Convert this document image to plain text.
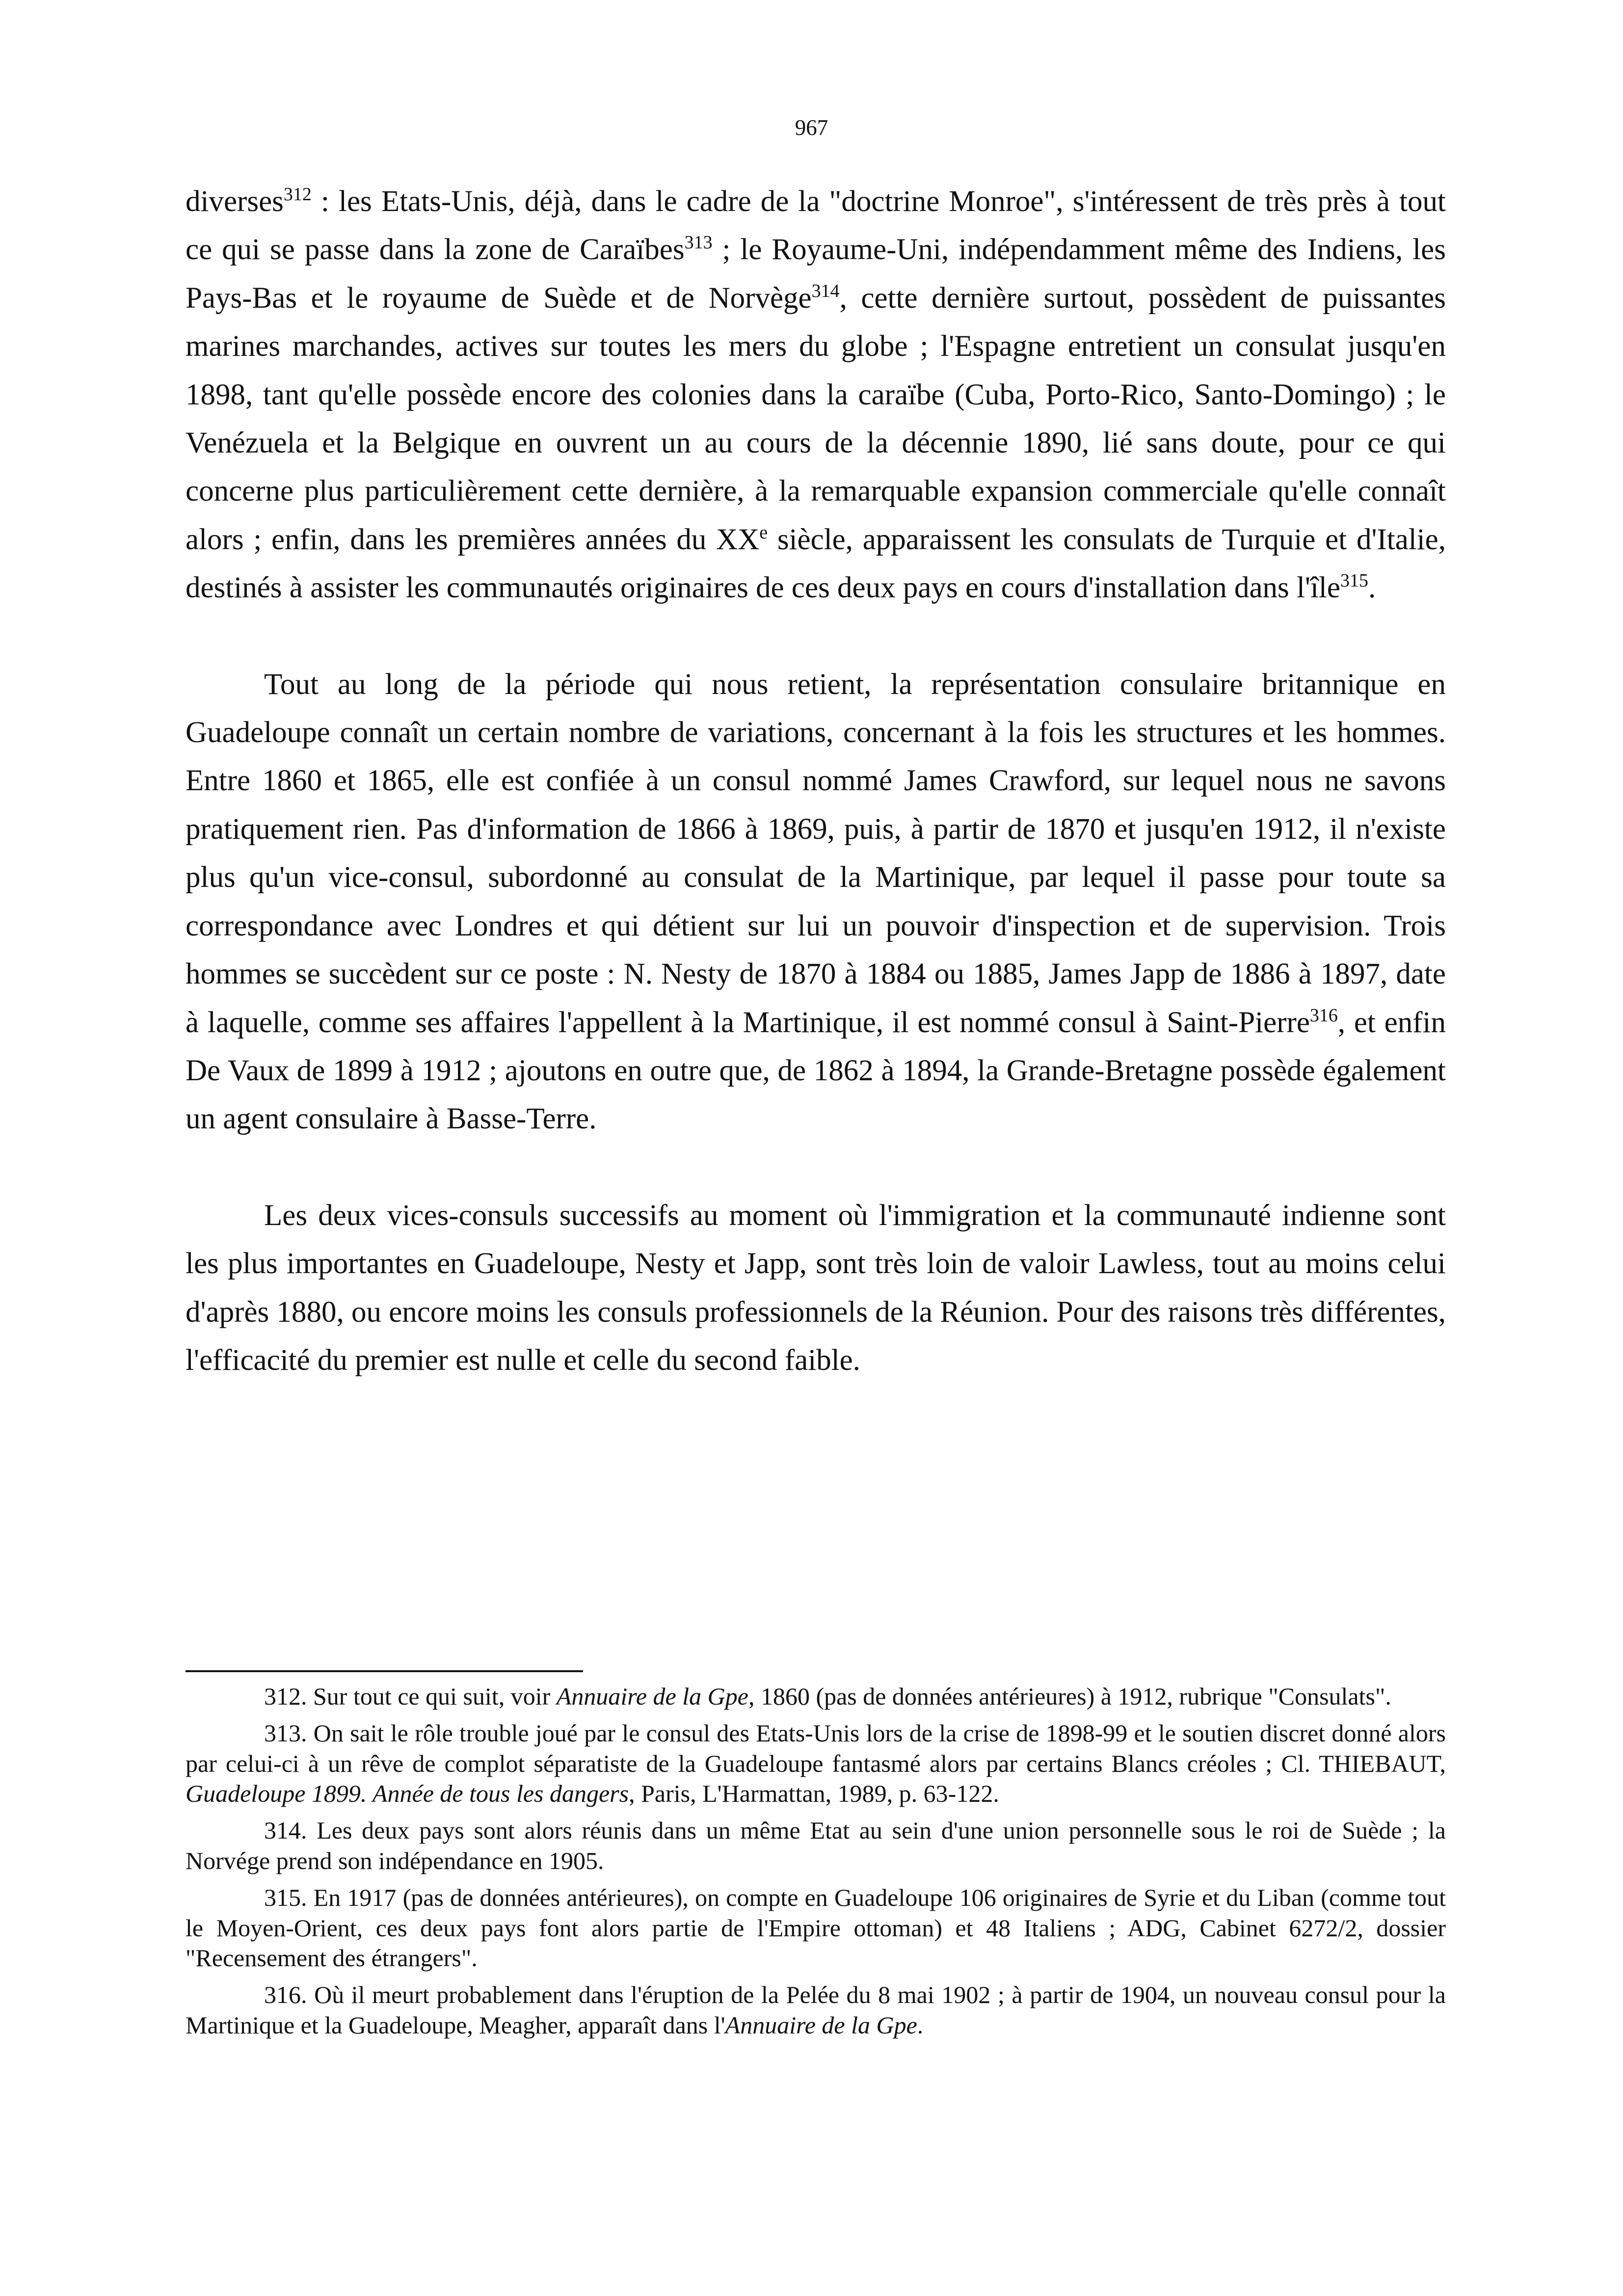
967

diverses$^{312}$ : les Etats-Unis, déjà, dans le cadre de la "doctrine Monroe", s'intéressent de très près à tout ce qui se passe dans la zone de Caraïbes$^{313}$ ; le Royaume-Uni, indépendamment même des Indiens, les Pays-Bas et le royaume de Suède et de Norvège$^{314}$, cette dernière surtout, possèdent de puissantes marines marchandes, actives sur toutes les mers du globe ; l'Espagne entretient un consulat jusqu'en 1898, tant qu'elle possède encore des colonies dans la caraïbe (Cuba, Porto-Rico, Santo-Domingo) ; le Venézuela et la Belgique en ouvrent un au cours de la décennie 1890, lié sans doute, pour ce qui concerne plus particulièrement cette dernière, à la remarquable expansion commerciale qu'elle connaît alors ; enfin, dans les premières années du XXe siècle, apparaissent les consulats de Turquie et d'Italie, destinés à assister les communautés originaires de ces deux pays en cours d'installation dans l'île$^{315}$.

Tout au long de la période qui nous retient, la représentation consulaire britannique en Guadeloupe connaît un certain nombre de variations, concernant à la fois les structures et les hommes. Entre 1860 et 1865, elle est confiée à un consul nommé James Crawford, sur lequel nous ne savons pratiquement rien. Pas d'information de 1866 à 1869, puis, à partir de 1870 et jusqu'en 1912, il n'existe plus qu'un vice-consul, subordonné au consulat de la Martinique, par lequel il passe pour toute sa correspondance avec Londres et qui détient sur lui un pouvoir d'inspection et de supervision. Trois hommes se succèdent sur ce poste : N. Nesty de 1870 à 1884 ou 1885, James Japp de 1886 à 1897, date à laquelle, comme ses affaires l'appellent à la Martinique, il est nommé consul à Saint-Pierre$^{316}$, et enfin De Vaux de 1899 à 1912 ; ajoutons en outre que, de 1862 à 1894, la Grande-Bretagne possède également un agent consulaire à Basse-Terre.

Les deux vices-consuls successifs au moment où l'immigration et la communauté indienne sont les plus importantes en Guadeloupe, Nesty et Japp, sont très loin de valoir Lawless, tout au moins celui d'après 1880, ou encore moins les consuls professionnels de la Réunion. Pour des raisons très différentes, l'efficacité du premier est nulle et celle du second faible.

312. Sur tout ce qui suit, voir Annuaire de la Gpe, 1860 (pas de données antérieures) à 1912, rubrique "Consulats".

313. On sait le rôle trouble joué par le consul des Etats-Unis lors de la crise de 1898-99 et le soutien discret donné alors par celui-ci à un rêve de complot séparatiste de la Guadeloupe fantasmé alors par certains Blancs créoles ; Cl. THIEBAUT, Guadeloupe 1899. Année de tous les dangers, Paris, L'Harmattan, 1989, p. 63-122.

314. Les deux pays sont alors réunis dans un même Etat au sein d'une union personnelle sous le roi de Suède ; la Norvége prend son indépendance en 1905.

315. En 1917 (pas de données antérieures), on compte en Guadeloupe 106 originaires de Syrie et du Liban (comme tout le Moyen-Orient, ces deux pays font alors partie de l'Empire ottoman) et 48 Italiens ; ADG, Cabinet 6272/2, dossier "Recensement des étrangers".

316. Où il meurt probablement dans l'éruption de la Pelée du 8 mai 1902 ; à partir de 1904, un nouveau consul pour la Martinique et la Guadeloupe, Meagher, apparaît dans l'Annuaire de la Gpe.
